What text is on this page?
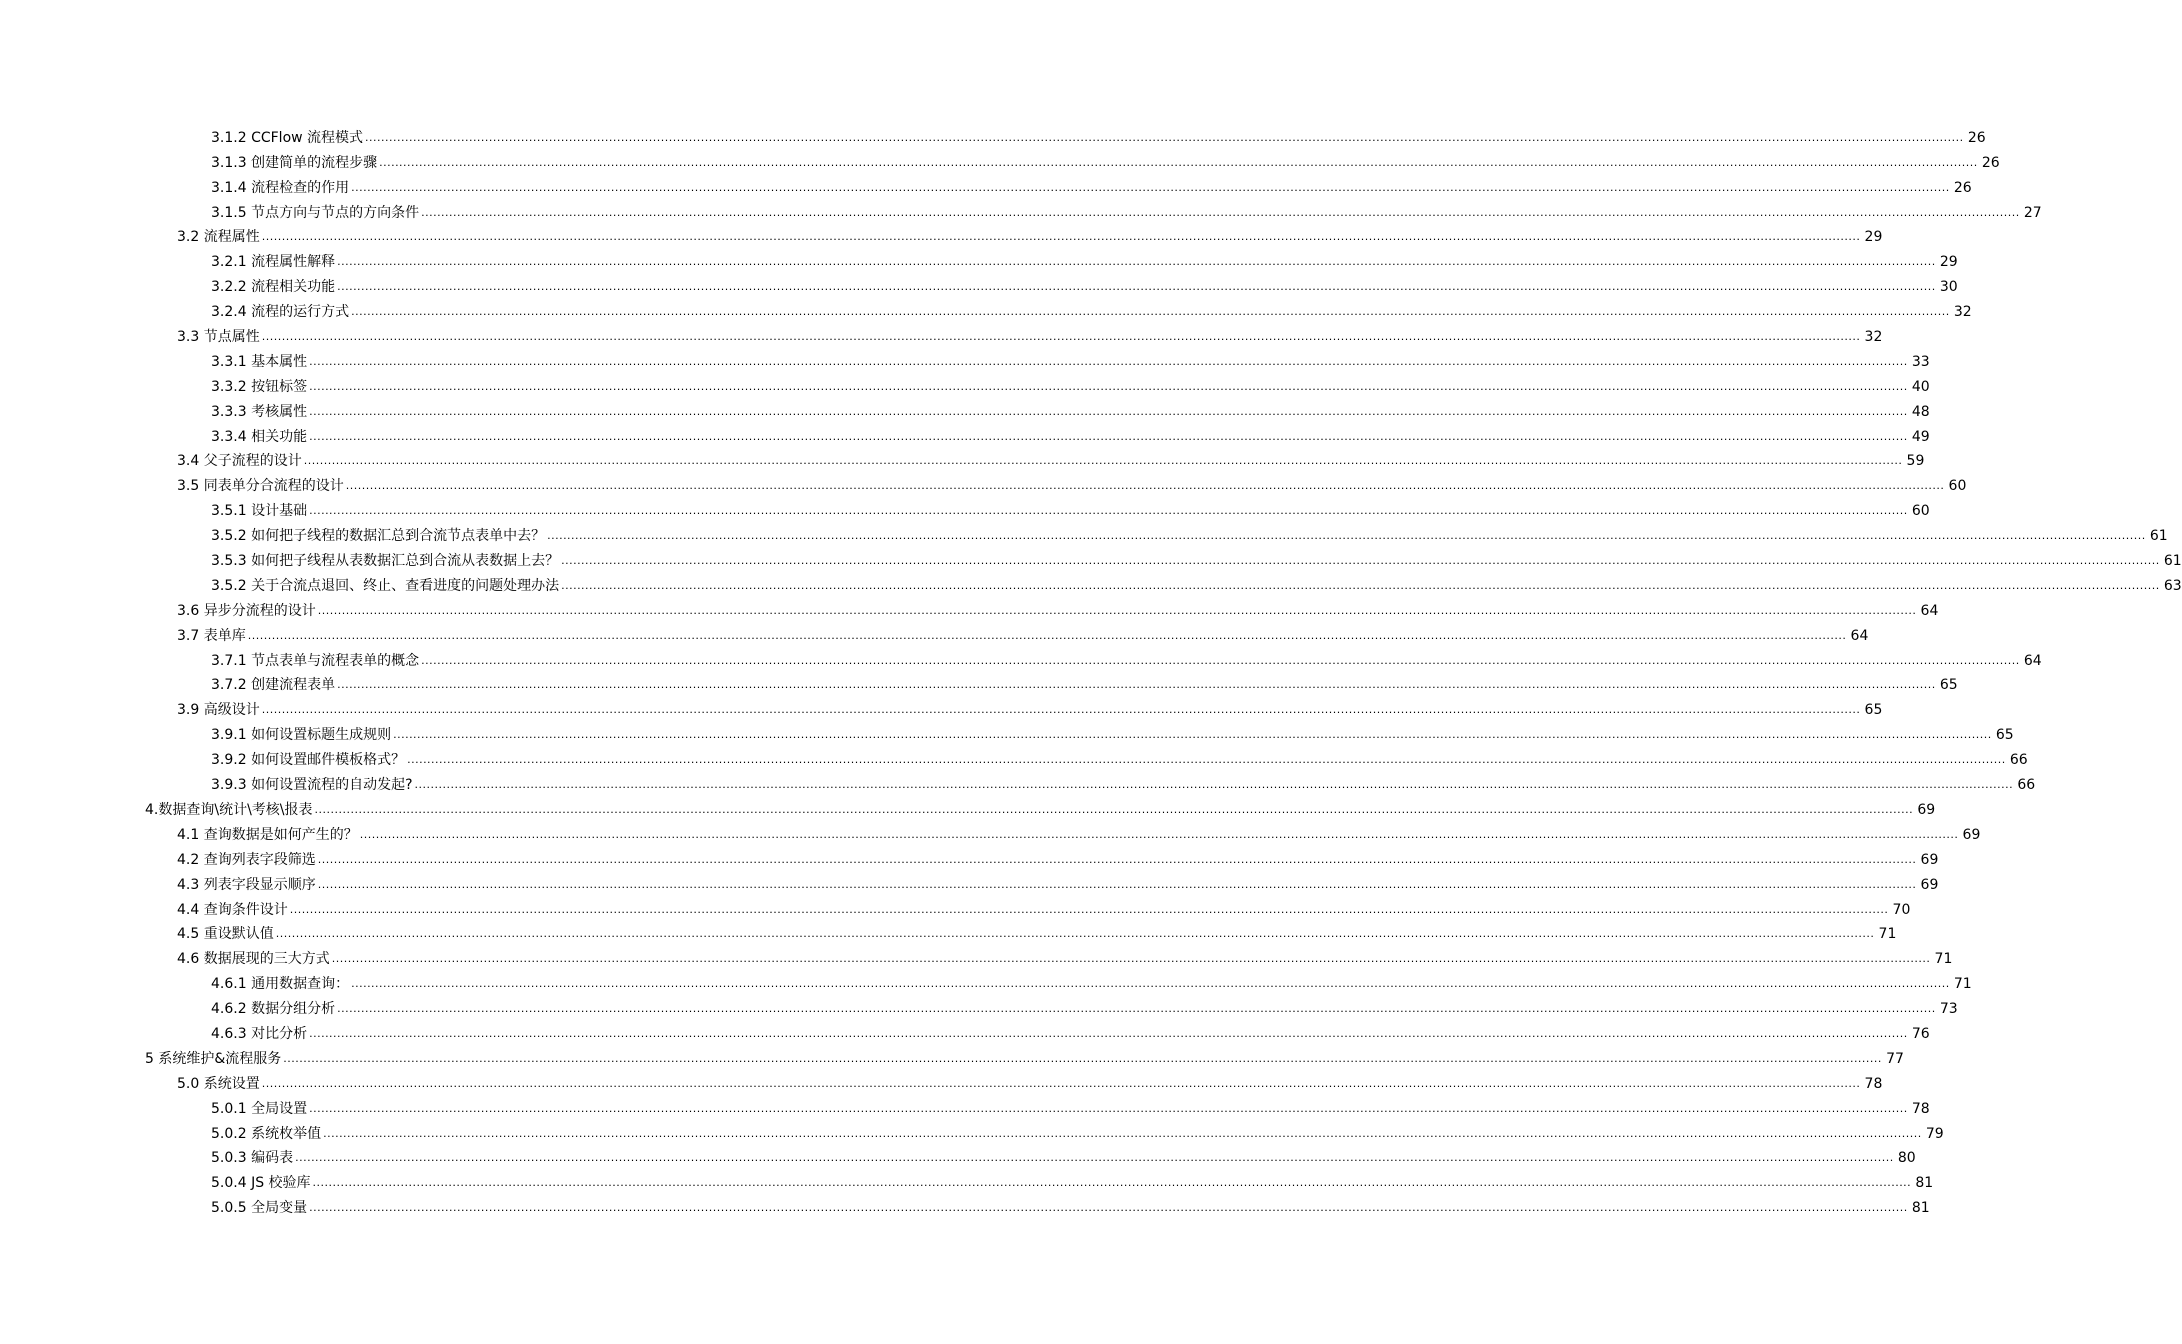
3.1.2 CCFlow 流程模式 ................................................................................................................................................................................................................................................................................................................................................................................................................ 26
3.1.3 创建简单的流程步骤 ................................................................................................................................................................................................................................................................................................................................................................................................................ 26
3.1.4 流程检查的作用 ................................................................................................................................................................................................................................................................................................................................................................................................................ 26
3.1.5 节点方向与节点的方向条件 ................................................................................................................................................................................................................................................................................................................................................................................................................ 27
3.2 流程属性 ................................................................................................................................................................................................................................................................................................................................................................................................................ 29
3.2.1 流程属性解释 ................................................................................................................................................................................................................................................................................................................................................................................................................ 29
3.2.2 流程相关功能 ................................................................................................................................................................................................................................................................................................................................................................................................................ 30
3.2.4 流程的运行方式 ................................................................................................................................................................................................................................................................................................................................................................................................................ 32
3.3 节点属性 ................................................................................................................................................................................................................................................................................................................................................................................................................ 32
3.3.1 基本属性 ................................................................................................................................................................................................................................................................................................................................................................................................................ 33
3.3.2 按钮标签 ................................................................................................................................................................................................................................................................................................................................................................................................................ 40
3.3.3 考核属性 ................................................................................................................................................................................................................................................................................................................................................................................................................ 48
3.3.4 相关功能 ................................................................................................................................................................................................................................................................................................................................................................................................................ 49
3.4 父子流程的设计 ................................................................................................................................................................................................................................................................................................................................................................................................................ 59
3.5 同表单分合流程的设计 ................................................................................................................................................................................................................................................................................................................................................................................................................ 60
3.5.1 设计基础 ................................................................................................................................................................................................................................................................................................................................................................................................................ 60
3.5.2 如何把子线程的数据汇总到合流节点表单中去？ ................................................................................................................................................................................................................................................................................................................................................................................................................ 61
3.5.3 如何把子线程从表数据汇总到合流从表数据上去？ ................................................................................................................................................................................................................................................................................................................................................................................................................ 61
3.5.2 关于合流点退回、终止、查看进度的问题处理办法 ................................................................................................................................................................................................................................................................................................................................................................................................................ 63
3.6 异步分流程的设计 ................................................................................................................................................................................................................................................................................................................................................................................................................ 64
3.7 表单库 ................................................................................................................................................................................................................................................................................................................................................................................................................ 64
3.7.1 节点表单与流程表单的概念 ................................................................................................................................................................................................................................................................................................................................................................................................................ 64
3.7.2 创建流程表单 ................................................................................................................................................................................................................................................................................................................................................................................................................ 65
3.9 高级设计 ................................................................................................................................................................................................................................................................................................................................................................................................................ 65
3.9.1 如何设置标题生成规则 ................................................................................................................................................................................................................................................................................................................................................................................................................ 65
3.9.2 如何设置邮件模板格式？ ................................................................................................................................................................................................................................................................................................................................................................................................................ 66
3.9.3 如何设置流程的自动发起? ................................................................................................................................................................................................................................................................................................................................................................................................................ 66
4.数据查询\统计\考核\报表 ................................................................................................................................................................................................................................................................................................................................................................................................................ 69
4.1 查询数据是如何产生的？ ................................................................................................................................................................................................................................................................................................................................................................................................................ 69
4.2 查询列表字段筛选 ................................................................................................................................................................................................................................................................................................................................................................................................................ 69
4.3 列表字段显示顺序 ................................................................................................................................................................................................................................................................................................................................................................................................................ 69
4.4 查询条件设计 ................................................................................................................................................................................................................................................................................................................................................................................................................ 70
4.5 重设默认值 ................................................................................................................................................................................................................................................................................................................................................................................................................ 71
4.6 数据展现的三大方式 ................................................................................................................................................................................................................................................................................................................................................................................................................ 71
4.6.1 通用数据查询： ................................................................................................................................................................................................................................................................................................................................................................................................................ 71
4.6.2 数据分组分析 ................................................................................................................................................................................................................................................................................................................................................................................................................ 73
4.6.3 对比分析 ................................................................................................................................................................................................................................................................................................................................................................................................................ 76
5 系统维护&流程服务 ................................................................................................................................................................................................................................................................................................................................................................................................................ 77
5.0 系统设置 ................................................................................................................................................................................................................................................................................................................................................................................................................ 78
5.0.1 全局设置 ................................................................................................................................................................................................................................................................................................................................................................................................................ 78
5.0.2 系统枚举值 ................................................................................................................................................................................................................................................................................................................................................................................................................ 79
5.0.3 编码表 ................................................................................................................................................................................................................................................................................................................................................................................................................ 80
5.0.4 JS 校验库 ................................................................................................................................................................................................................................................................................................................................................................................................................ 81
5.0.5 全局变量 ................................................................................................................................................................................................................................................................................................................................................................................................................ 81
